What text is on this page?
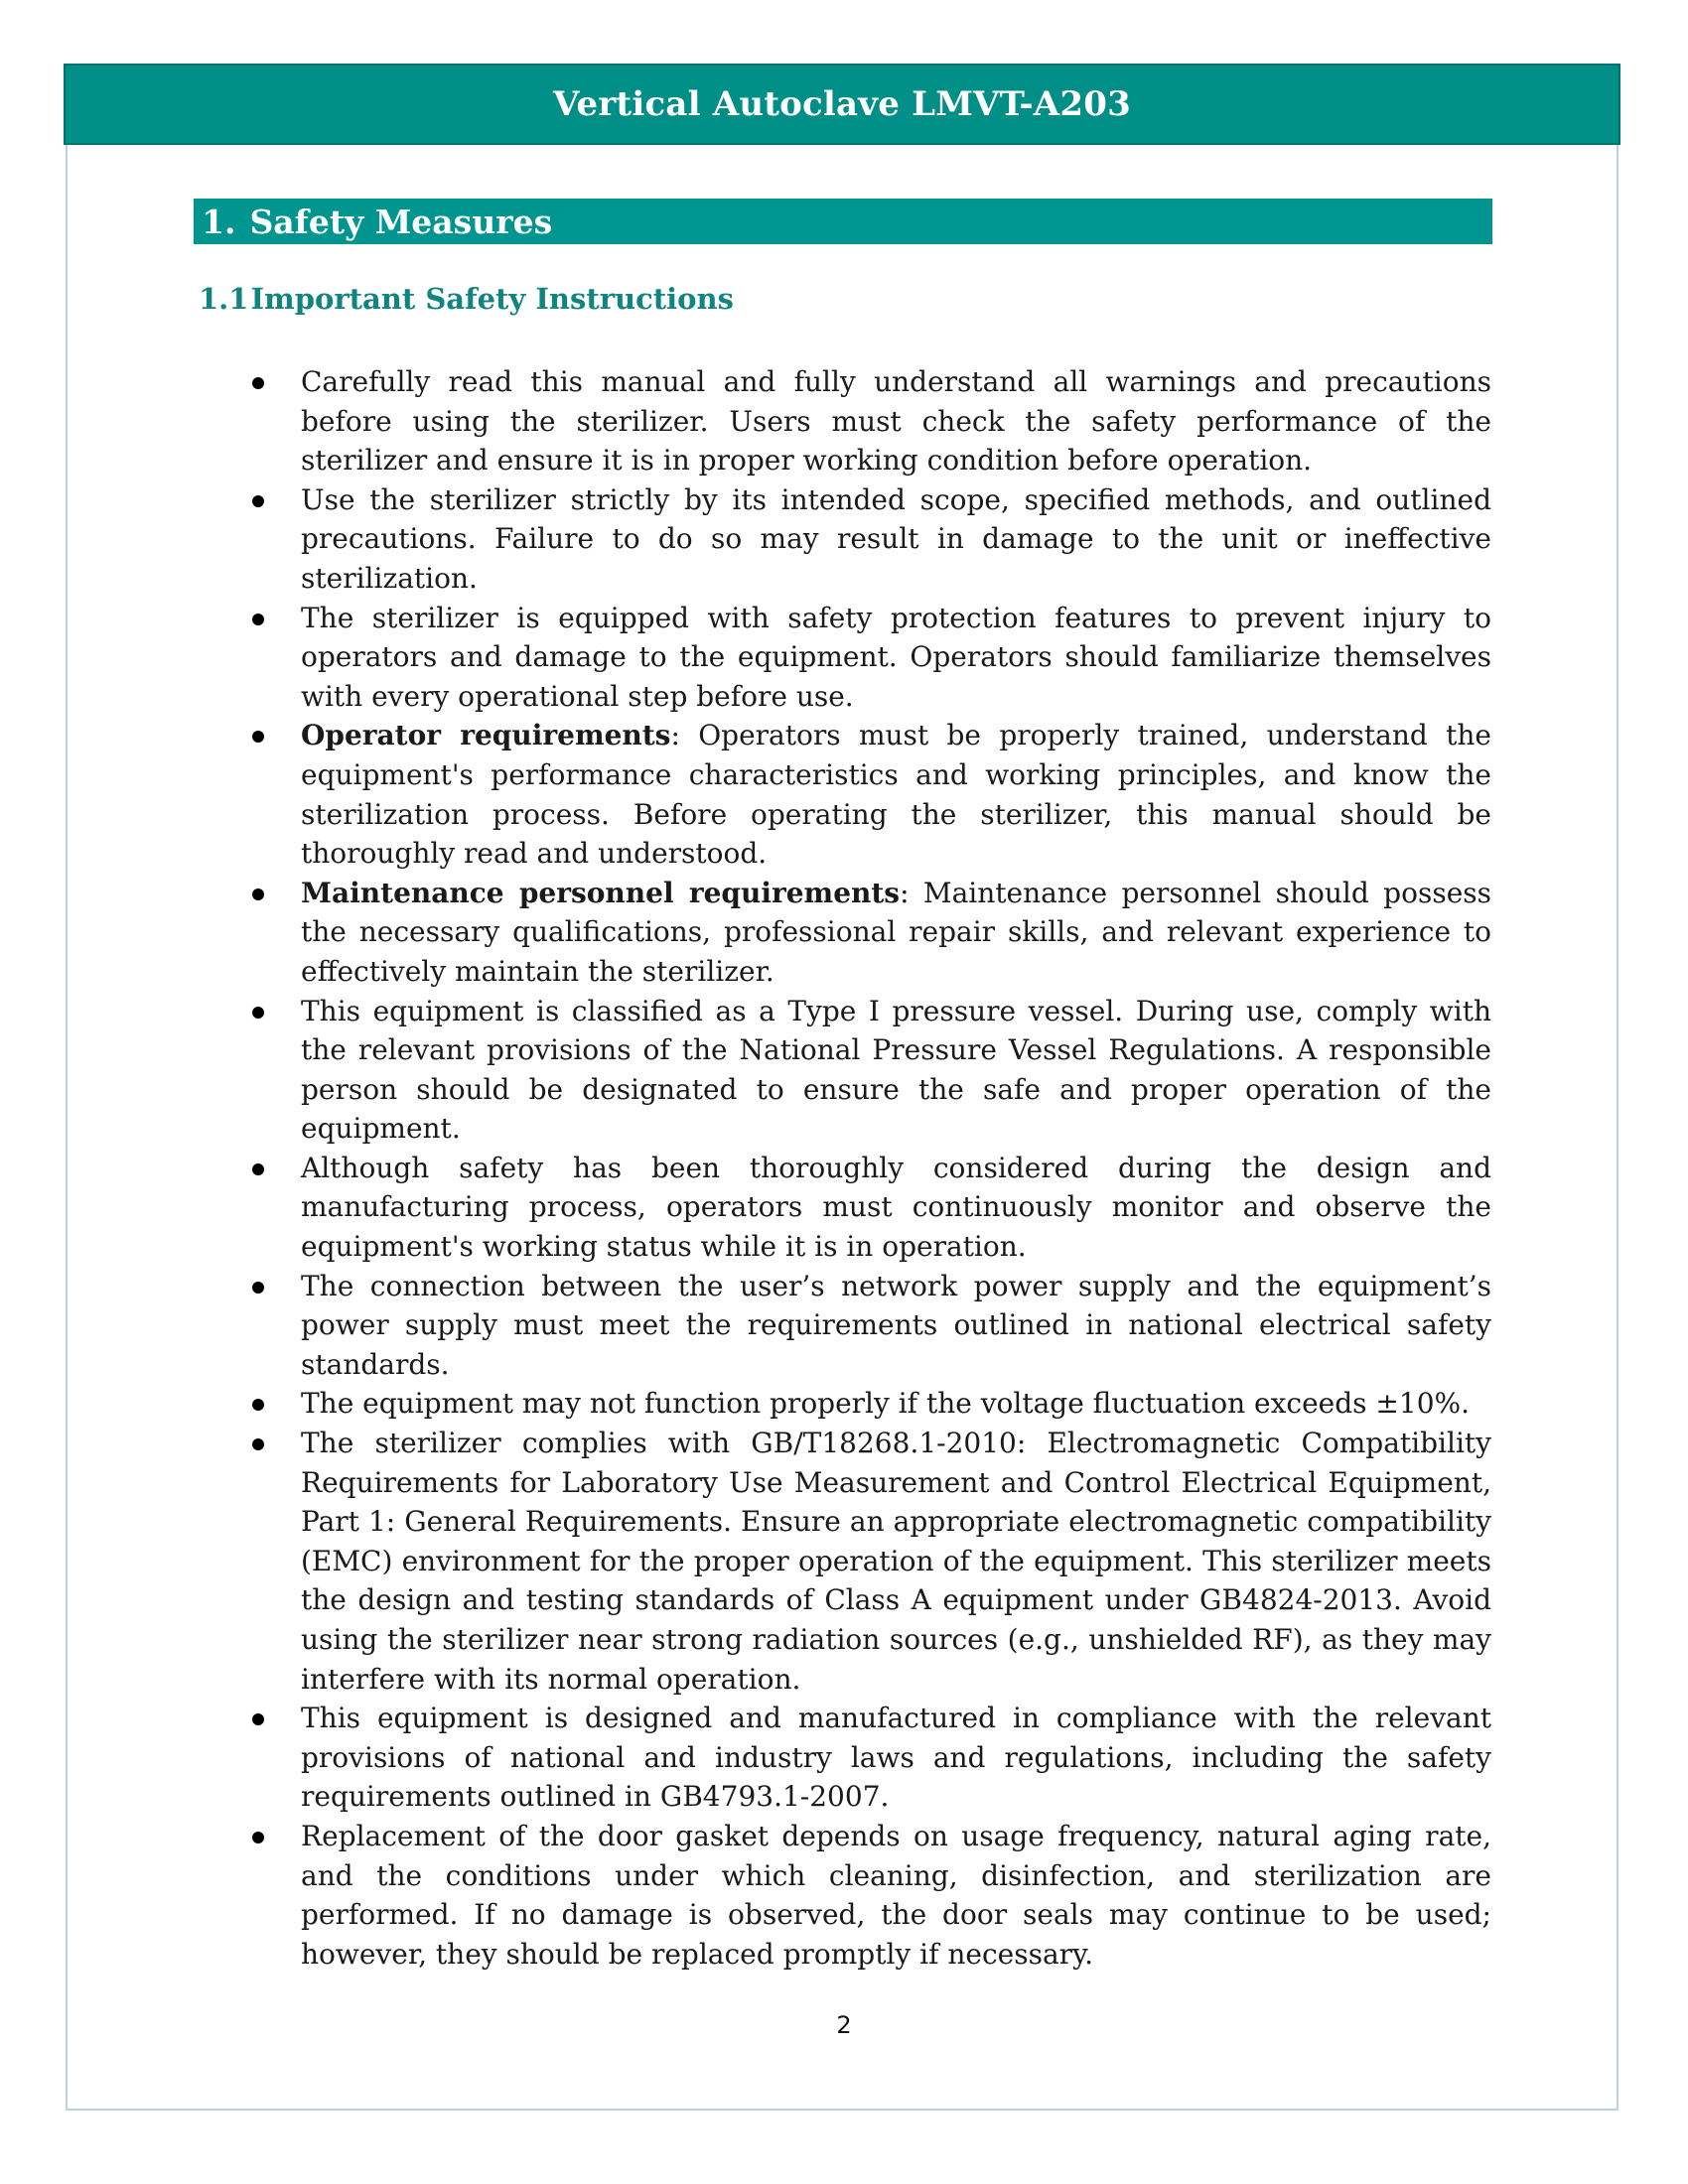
Vertical Autoclave LMVT-A203
1. Safety Measures
1.1Important Safety Instructions
Carefully read this manual and fully understand all warnings and precautions before using the sterilizer. Users must check the safety performance of the sterilizer and ensure it is in proper working condition before operation.
Use the sterilizer strictly by its intended scope, specified methods, and outlined precautions. Failure to do so may result in damage to the unit or ineffective sterilization.
The sterilizer is equipped with safety protection features to prevent injury to operators and damage to the equipment. Operators should familiarize themselves with every operational step before use.
Operator requirements: Operators must be properly trained, understand the equipment's performance characteristics and working principles, and know the sterilization process. Before operating the sterilizer, this manual should be thoroughly read and understood.
Maintenance personnel requirements: Maintenance personnel should possess the necessary qualifications, professional repair skills, and relevant experience to effectively maintain the sterilizer.
This equipment is classified as a Type I pressure vessel. During use, comply with the relevant provisions of the National Pressure Vessel Regulations. A responsible person should be designated to ensure the safe and proper operation of the equipment.
Although safety has been thoroughly considered during the design and manufacturing process, operators must continuously monitor and observe the equipment's working status while it is in operation.
The connection between the user’s network power supply and the equipment’s power supply must meet the requirements outlined in national electrical safety standards.
The equipment may not function properly if the voltage fluctuation exceeds ±10%.
The sterilizer complies with GB/T18268.1-2010: Electromagnetic Compatibility Requirements for Laboratory Use Measurement and Control Electrical Equipment, Part 1: General Requirements. Ensure an appropriate electromagnetic compatibility (EMC) environment for the proper operation of the equipment. This sterilizer meets the design and testing standards of Class A equipment under GB4824-2013. Avoid using the sterilizer near strong radiation sources (e.g., unshielded RF), as they may interfere with its normal operation.
This equipment is designed and manufactured in compliance with the relevant provisions of national and industry laws and regulations, including the safety requirements outlined in GB4793.1-2007.
Replacement of the door gasket depends on usage frequency, natural aging rate, and the conditions under which cleaning, disinfection, and sterilization are performed. If no damage is observed, the door seals may continue to be used; however, they should be replaced promptly if necessary.
2
